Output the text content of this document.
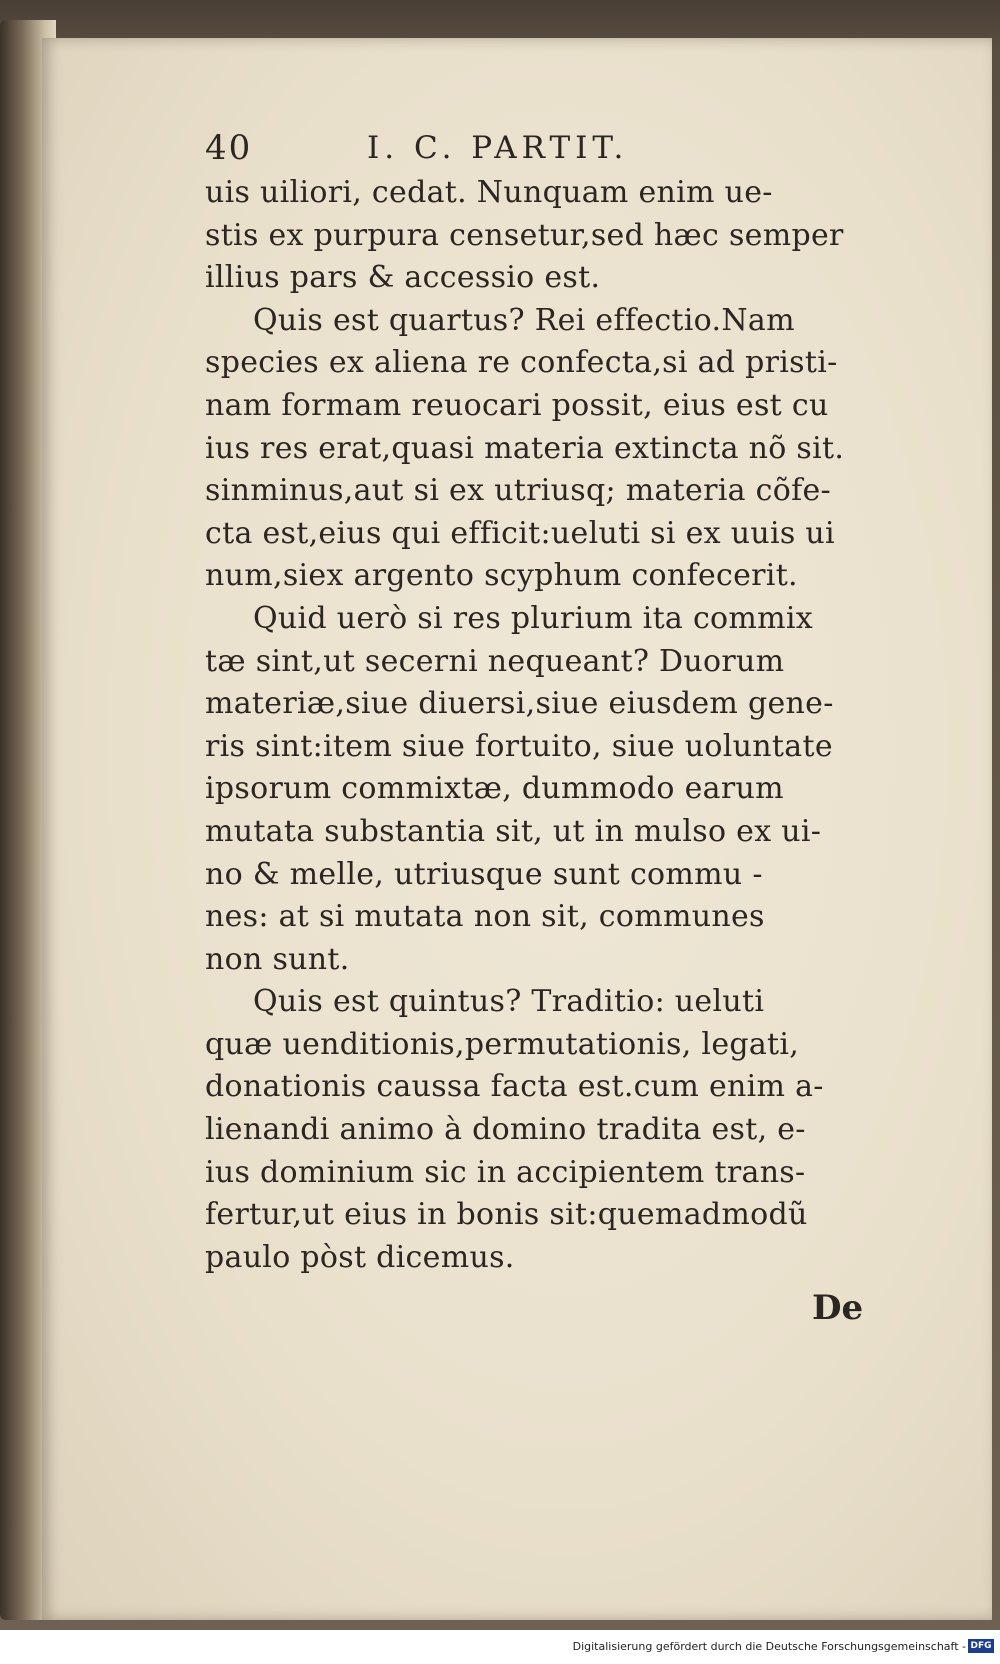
40	I. C. PARTIT.
uis uiliori, cedat. Nunquam enim ue-
stis ex purpura censetur,sed hæc semper
illius pars & accessio est.
Quis est quartus? Rei effectio.Nam
species ex aliena re confecta,si ad pristi-
nam formam reuocari possit, eius est cu
ius res erat,quasi materia extincta nõ sit.
sinminus,aut si ex utriusq; materia cõfe-
cta est,eius qui efficit:ueluti si ex uuis ui
num,siex argento scyphum confecerit.
Quid uerò si res plurium ita commix
tæ sint,ut secerni nequeant? Duorum
materiæ,siue diuersi,siue eiusdem gene-
ris sint:item siue fortuito, siue uoluntate
ipsorum commixtæ, dummodo earum
mutata substantia sit, ut in mulso ex ui-
no & melle, utriusque sunt commu -
nes: at si mutata non sit, communes
non sunt.
Quis est quintus? Traditio: ueluti
quæ uenditionis,permutationis, legati,
donationis caussa facta est.cum enim a-
lienandi animo à domino tradita est, e-
ius dominium sic in accipientem trans-
fertur,ut eius in bonis sit:quemadmodũ
paulo pòst dicemus.
De
Digitalisierung gefördert durch die Deutsche Forschungsgemeinschaft - DFG
